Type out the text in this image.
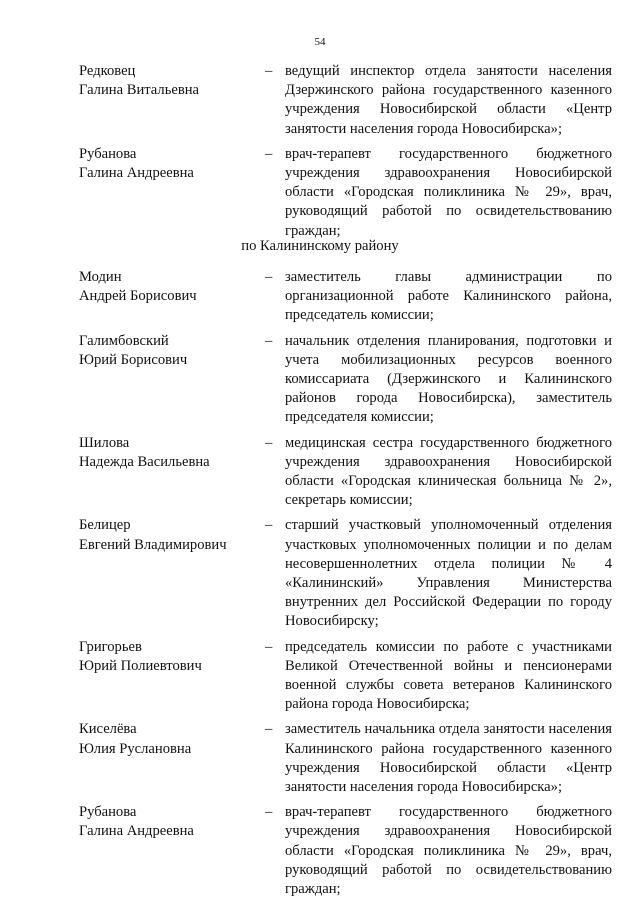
54
Редковец
Галина Витальевна
– ведущий инспектор отдела занятости населения Дзержинского района государственного казенного учреждения Новосибирской области «Центр занятости населения города Новосибирска»;
Рубанова
Галина Андреевна
– врач-терапевт государственного бюджетного учреждения здравоохранения Новосибирской области «Городская поликлиника № 29», врач, руководящий работой по освидетельствованию граждан;
по Калининскому району
Модин
Андрей Борисович
– заместитель главы администрации по организационной работе Калининского района, председатель комиссии;
Галимбовский
Юрий Борисович
– начальник отделения планирования, подготовки и учета мобилизационных ресурсов военного комиссариата (Дзержинского и Калининского районов города Новосибирска), заместитель председателя комиссии;
Шилова
Надежда Васильевна
– медицинская сестра государственного бюджетного учреждения здравоохранения Новосибирской области «Городская клиническая больница № 2», секретарь комиссии;
Белицер
Евгений Владимирович
– старший участковый уполномоченный отделения участковых уполномоченных полиции и по делам несовершеннолетних отдела полиции № 4 «Калининский» Управления Министерства внутренних дел Российской Федерации по городу Новосибирску;
Григорьев
Юрий Полиевтович
– председатель комиссии по работе с участниками Великой Отечественной войны и пенсионерами военной службы совета ветеранов Калининского района города Новосибирска;
Киселёва
Юлия Руслановна
– заместитель начальника отдела занятости населения Калининского района государственного казенного учреждения Новосибирской области «Центр занятости населения города Новосибирска»;
Рубанова
Галина Андреевна
– врач-терапевт государственного бюджетного учреждения здравоохранения Новосибирской области «Городская поликлиника № 29», врач, руководящий работой по освидетельствованию граждан;
